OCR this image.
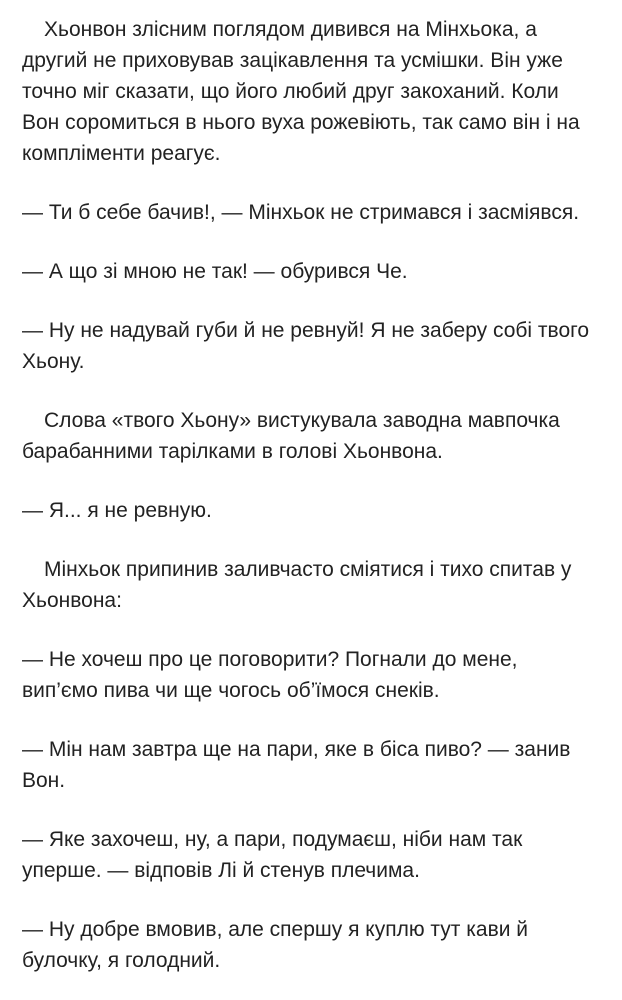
Хьонвон злісним поглядом дивився на Мінхьока, а другий не приховував зацікавлення та усмішки. Він уже точно міг сказати, що його любий друг закоханий. Коли Вон соромиться в нього вуха рожевіють, так само він і на компліменти реагує.

— Ти б себе бачив!, — Мінхьок не стримався і засміявся.

— А що зі мною не так! — обурився Че.

— Ну не надувай губи й не ревнуй! Я не заберу собі твого Хьону.

Слова «твого Хьону» вистукувала заводна мавпочка барабанними тарілками в голові Хьонвона.

— Я... я не ревную.

Мінхьок припинив заливчасто сміятися і тихо спитав у Хьонвона:

— Не хочеш про це поговорити? Погнали до мене, вип’ємо пива чи ще чогось об’їмося снеків.

— Мін нам завтра ще на пари, яке в біса пиво? — занив Вон.

— Яке захочеш, ну, а пари, подумаєш, ніби нам так уперше. — відповів Лі й стенув плечима.

— Ну добре вмовив, але спершу я куплю тут кави й булочку, я голодний.
